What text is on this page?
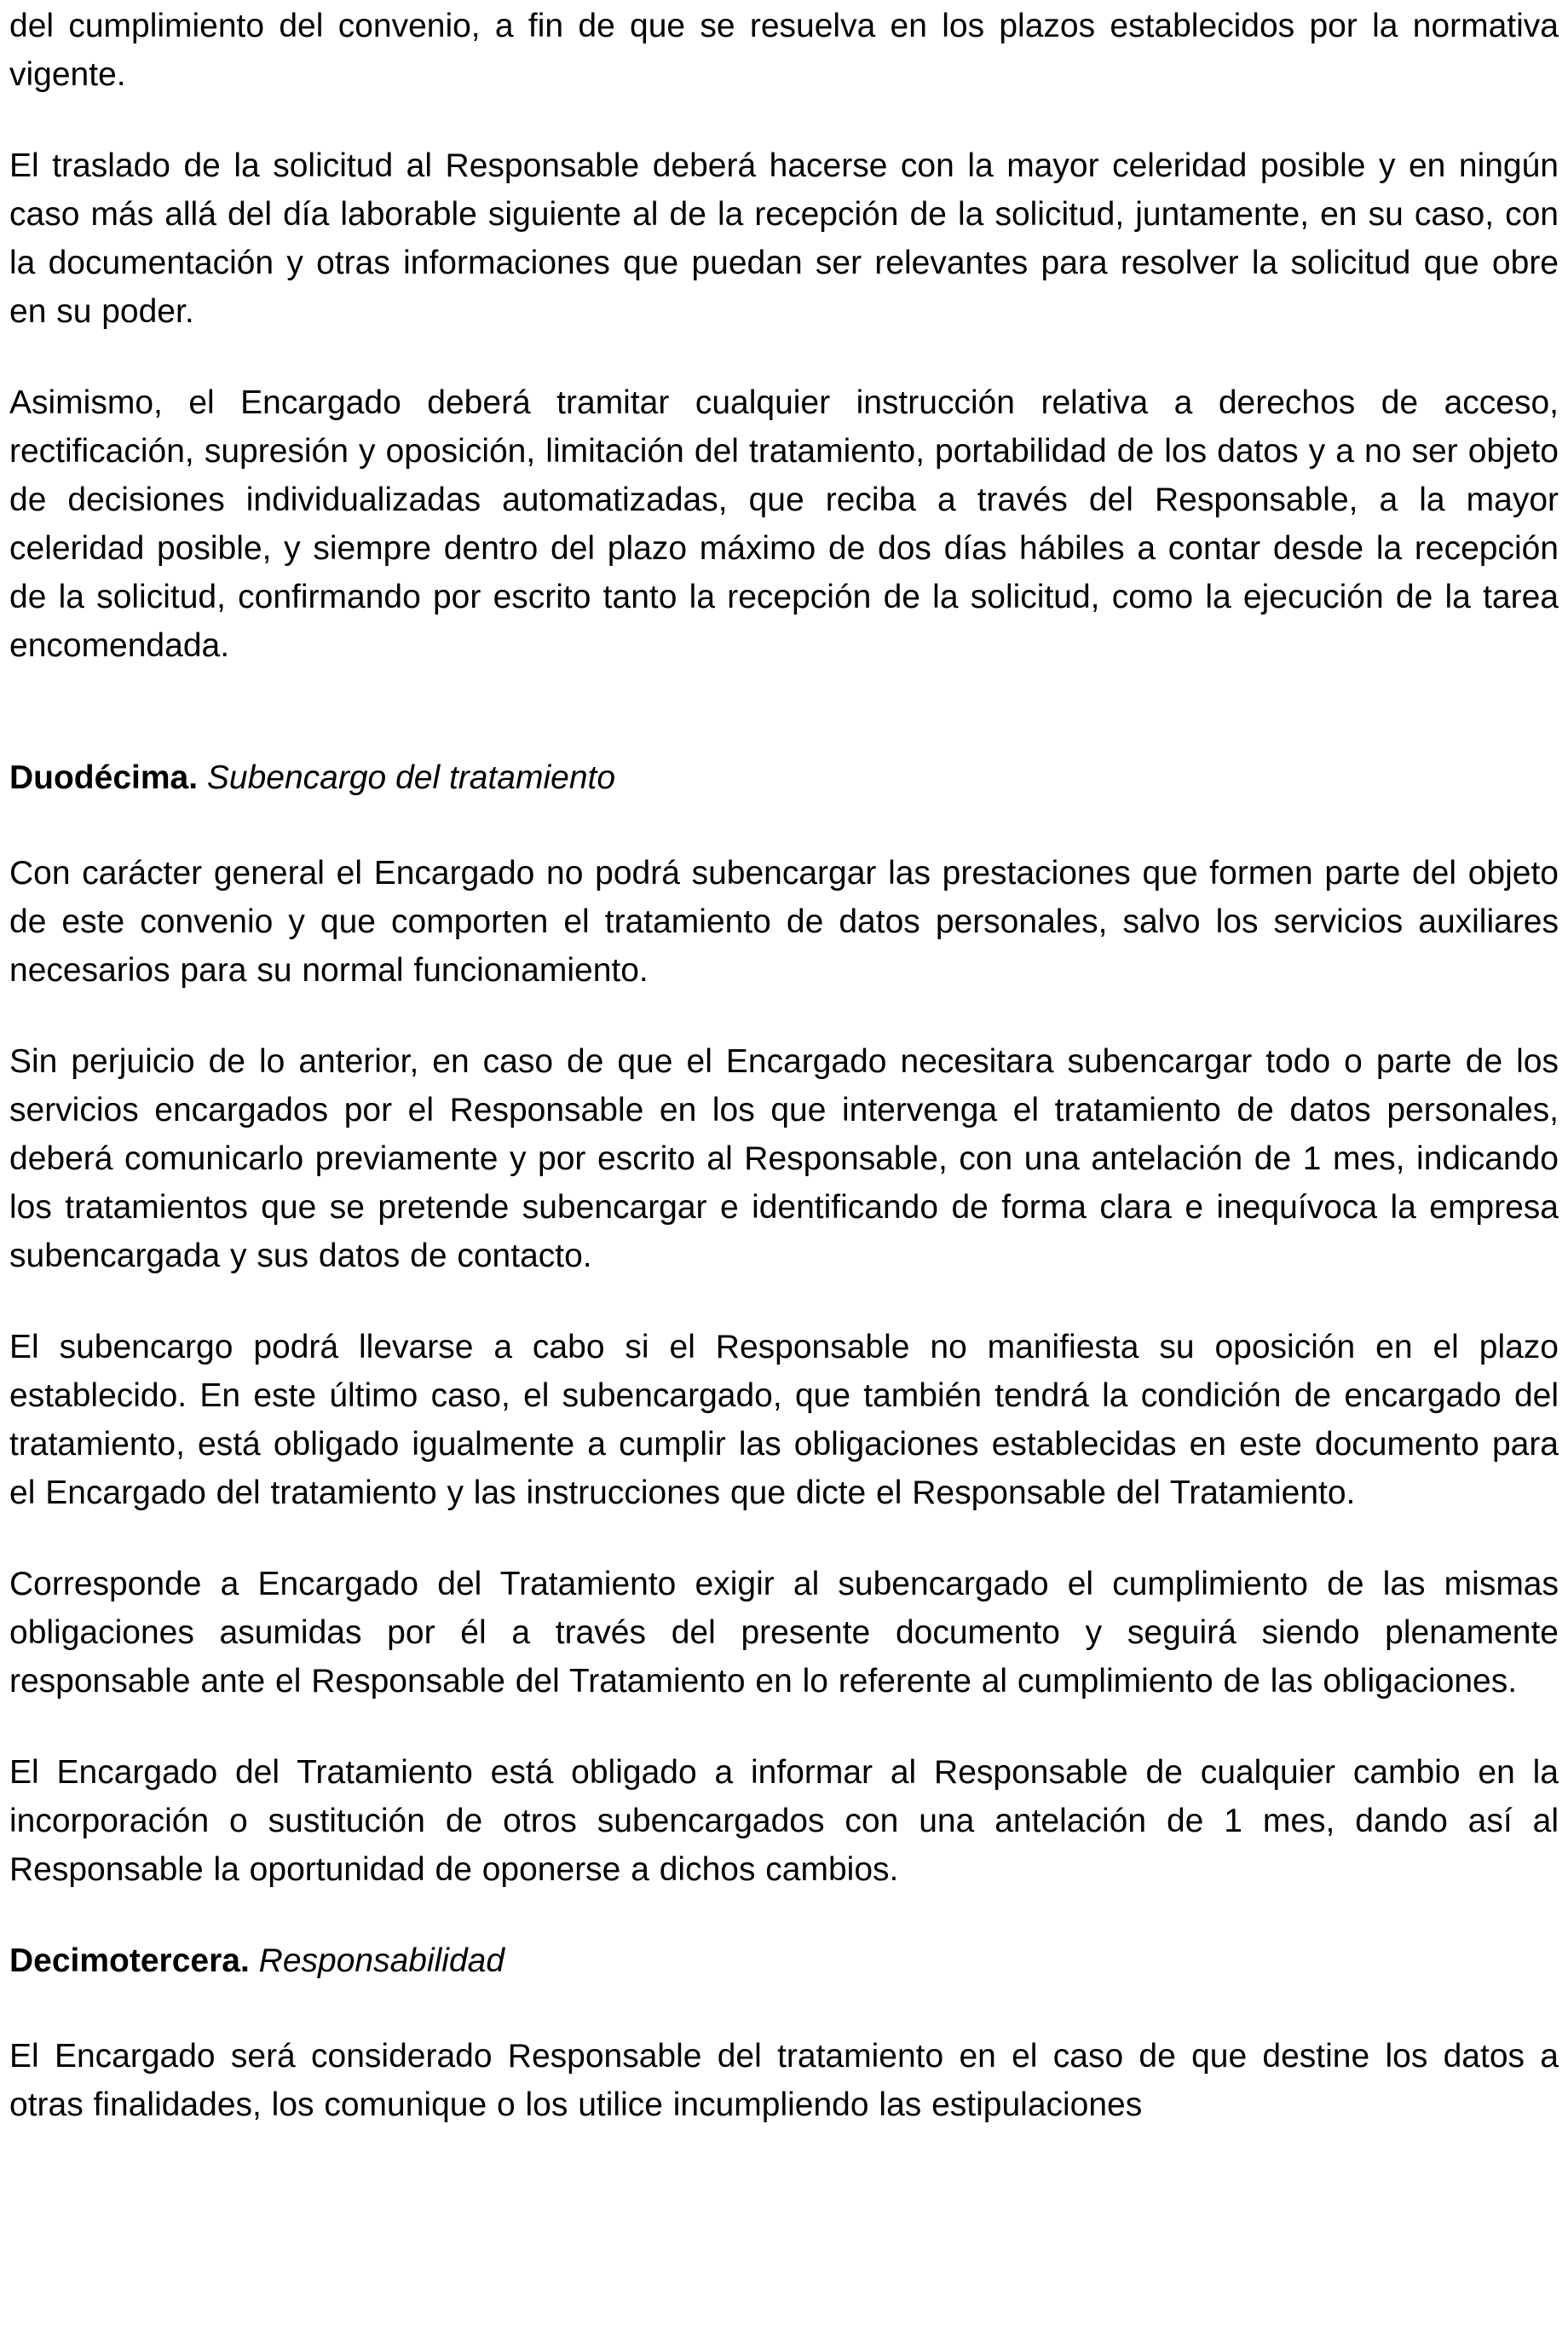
del cumplimiento del convenio, a fin de que se resuelva en los plazos establecidos por la normativa vigente.

El traslado de la solicitud al Responsable deberá hacerse con la mayor celeridad posible y en ningún caso más allá del día laborable siguiente al de la recepción de la solicitud, juntamente, en su caso, con la documentación y otras informaciones que puedan ser relevantes para resolver la solicitud que obre en su poder.

Asimismo, el Encargado deberá tramitar cualquier instrucción relativa a derechos de acceso, rectificación, supresión y oposición, limitación del tratamiento, portabilidad de los datos y a no ser objeto de decisiones individualizadas automatizadas, que reciba a través del Responsable, a la mayor celeridad posible, y siempre dentro del plazo máximo de dos días hábiles a contar desde la recepción de la solicitud, confirmando por escrito tanto la recepción de la solicitud, como la ejecución de la tarea encomendada.

Duodécima. Subencargo del tratamiento

Con carácter general el Encargado no podrá subencargar las prestaciones que formen parte del objeto de este convenio y que comporten el tratamiento de datos personales, salvo los servicios auxiliares necesarios para su normal funcionamiento.

Sin perjuicio de lo anterior, en caso de que el Encargado necesitara subencargar todo o parte de los servicios encargados por el Responsable en los que intervenga el tratamiento de datos personales, deberá comunicarlo previamente y por escrito al Responsable, con una antelación de 1 mes, indicando los tratamientos que se pretende subencargar e identificando de forma clara e inequívoca la empresa subencargada y sus datos de contacto.

El subencargo podrá llevarse a cabo si el Responsable no manifiesta su oposición en el plazo establecido. En este último caso, el subencargado, que también tendrá la condición de encargado del tratamiento, está obligado igualmente a cumplir las obligaciones establecidas en este documento para el Encargado del tratamiento y las instrucciones que dicte el Responsable del Tratamiento.

Corresponde a Encargado del Tratamiento exigir al subencargado el cumplimiento de las mismas obligaciones asumidas por él a través del presente documento y seguirá siendo plenamente responsable ante el Responsable del Tratamiento en lo referente al cumplimiento de las obligaciones.

El Encargado del Tratamiento está obligado a informar al Responsable de cualquier cambio en la incorporación o sustitución de otros subencargados con una antelación de 1 mes, dando así al Responsable la oportunidad de oponerse a dichos cambios.

Decimotercera. Responsabilidad

El Encargado será considerado Responsable del tratamiento en el caso de que destine los datos a otras finalidades, los comunique o los utilice incumpliendo las estipulaciones
